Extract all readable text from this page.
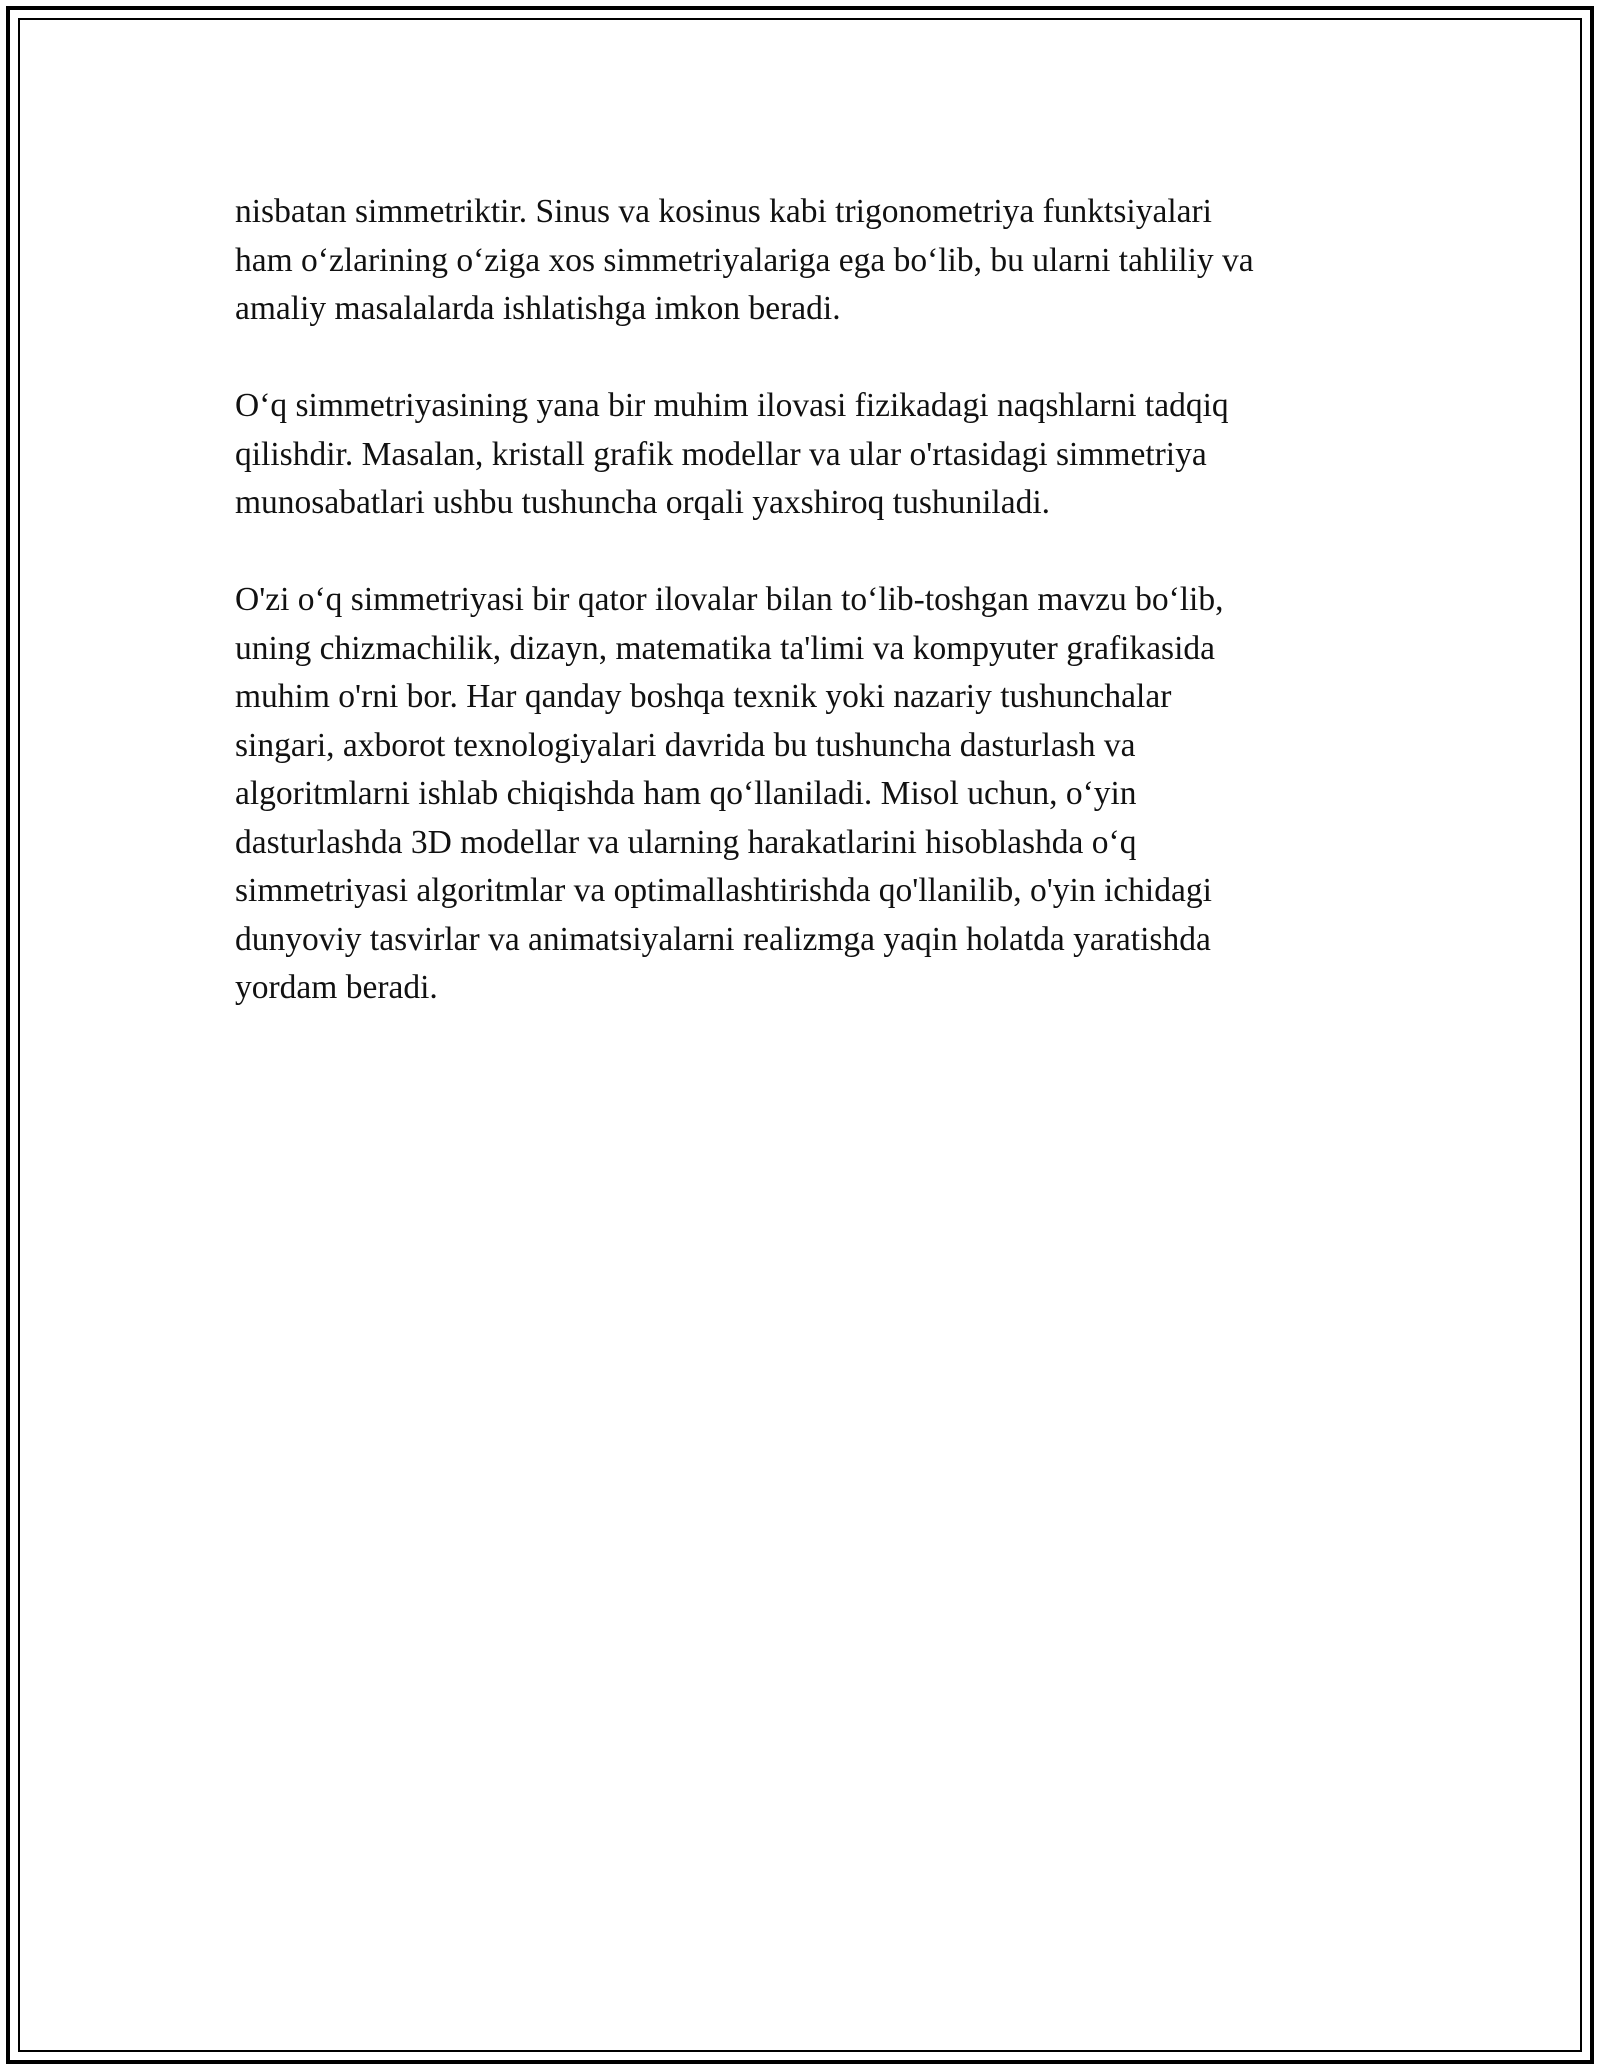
nisbatan simmetriktir. Sinus va kosinus kabi trigonometriya funktsiyalari
ham o‘zlarining o‘ziga xos simmetriyalariga ega bo‘lib, bu ularni tahliliy va
amaliy masalalarda ishlatishga imkon beradi.

O‘q simmetriyasining yana bir muhim ilovasi fizikadagi naqshlarni tadqiq
qilishdir. Masalan, kristall grafik modellar va ular o'rtasidagi simmetriya
munosabatlari ushbu tushuncha orqali yaxshiroq tushuniladi.

O'zi o‘q simmetriyasi bir qator ilovalar bilan to‘lib-toshgan mavzu bo‘lib,
uning chizmachilik, dizayn, matematika ta'limi va kompyuter grafikasida
muhim o'rni bor. Har qanday boshqa texnik yoki nazariy tushunchalar
singari, axborot texnologiyalari davrida bu tushuncha dasturlash va
algoritmlarni ishlab chiqishda ham qo‘llaniladi. Misol uchun, o‘yin
dasturlashda 3D modellar va ularning harakatlarini hisoblashda o‘q
simmetriyasi algoritmlar va optimallashtirishda qo'llanilib, o'yin ichidagi
dunyoviy tasvirlar va animatsiyalarni realizmga yaqin holatda yaratishda
yordam beradi.
